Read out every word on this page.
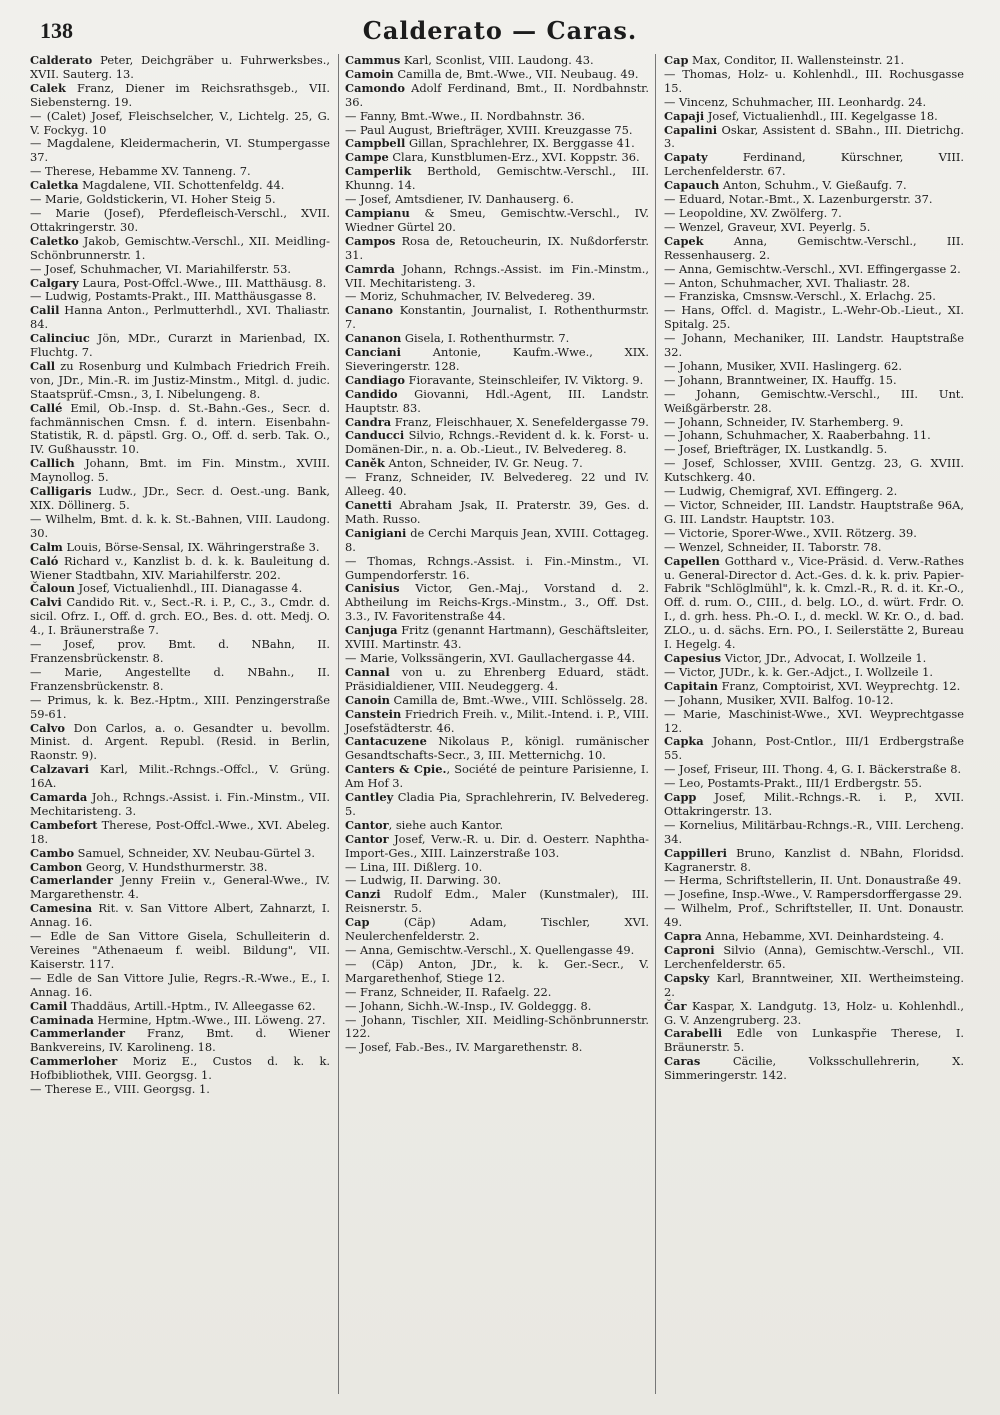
138	Calderato — Caras.
Calderato Peter, Deichgräber u. Fuhrwerksbes., XVII. Sauterg. 13.
Calek Franz, Diener im Reichsrathsgeb., VII. Siebensterng. 19.
— (Calet) Josef, Fleischselcher, V., Lichtelg. 25, G. V. Fockyg. 10
— Magdalene, Kleidermacherin, VI. Stumpergasse 37.
— Therese, Hebamme XV. Tanneng. 7.
Caletka Magdalene, VII. Schottenfeldg. 44.
— Marie, Goldstickerin, VI. Hoher Steig 5.
— Marie (Josef), Pferdefleisch-Verschl., XVII. Ottakringerstr. 30.
Caletko Jakob, Gemischtw.-Verschl., XII. Meidling-Schönbrunnerstr. 1.
— Josef, Schuhmacher, VI. Mariahilferstr. 53.
Calgary Laura, Post-Offcl.-Wwe., III. Matthäusg. 8.
— Ludwig, Postamts-Prakt., III. Matthäusgasse 8.
Calil Hanna Anton., Perlmutterhdl., XVI. Thaliastr. 84.
Calinciuc Jön, MDr., Curarzt in Marienbad, IX. Fluchtg. 7.
Call zu Rosenburg und Kulmbach Friedrich Freih. von, JDr., Min.-R. im Justiz-Minstm., Mitgl. d. judic. Staatsprüf.-Cmsn., 3, I. Nibelungeng. 8.
Callé Emil, Ob.-Insp. d. St.-Bahn.-Ges., Secr. d. fachmännischen Cmsn. f. d. intern. Eisenbahn-Statistik, R. d. päpstl. Grg. O., Off. d. serb. Tak. O., IV. Gußhausstr. 10.
Callich Johann, Bmt. im Fin. Minstm., XVIII. Maynollog. 5.
Calligaris Ludw., JDr., Secr. d. Oest.-ung. Bank, XIX. Döllinerg. 5.
— Wilhelm, Bmt. d. k. k. St.-Bahnen, VIII. Laudong. 30.
Calm Louis, Börse-Sensal, IX. Währingerstraße 3.
Caló Richard v., Kanzlist b. d. k. k. Bauleitung d. Wiener Stadtbahn, XIV. Mariahilferstr. 202.
Čaloun Josef, Victualienhdl., III. Dianagasse 4.
Calvi Candido Rit. v., Sect.-R. i. P., C., 3., Cmdr. d. sicil. Ofrz. I., Off. d. grch. EO., Bes. d. ott. Medj. O. 4., I. Bräunerstraße 7.
— Josef, prov. Bmt. d. NBahn, II. Franzensbrückenstr. 8.
— Marie, Angestellte d. NBahn., II. Franzensbrückenstr. 8.
— Primus, k. k. Bez.-Hptm., XIII. Penzingerstraße 59-61.
Calvo Don Carlos, a. o. Gesandter u. bevollm. Minist. d. Argent. Republ. (Resid. in Berlin, Raonstr. 9).
Calzavari Karl, Milit.-Rchngs.-Offcl., V. Grüng. 16A.
Camarda Joh., Rchngs.-Assist. i. Fin.-Minstm., VII. Mechitaristeng. 3.
Cambefort Therese, Post-Offcl.-Wwe., XVI. Abeleg. 18.
Cambo Samuel, Schneider, XV. Neubau-Gürtel 3.
Cambon Georg, V. Hundsthurmerstr. 38.
Camerlander Jenny Freiin v., General-Wwe., IV. Margarethenstr. 4.
Camesina Rit. v. San Vittore Albert, Zahnarzt, I. Annag. 16.
— Edle de San Vittore Gisela, Schulleiterin d. Vereines "Athenaeum f. weibl. Bildung", VII. Kaiserstr. 117.
— Edle de San Vittore Julie, Regrs.-R.-Wwe., E., I. Annag. 16.
Camil Thaddäus, Artill.-Hptm., IV. Alleegasse 62.
Caminada Hermine, Hptm.-Wwe., III. Löweng. 27.
Cammerlander Franz, Bmt. d. Wiener Bankvereins, IV. Karolineng. 18.
Cammerloher Moriz E., Custos d. k. k. Hofbibliothek, VIII. Georgsg. 1.
— Therese E., VIII. Georgsg. 1.
Cammus Karl, Sconlist, VIII. Laudong. 43.
Camoin Camilla de, Bmt.-Wwe., VII. Neubaug. 49.
Camondo Adolf Ferdinand, Bmt., II. Nordbahnstr. 36.
— Fanny, Bmt.-Wwe., II. Nordbahnstr. 36.
— Paul August, Briefträger, XVIII. Kreuzgasse 75.
Campbell Gillan, Sprachlehrer, IX. Berggasse 41.
Campe Clara, Kunstblumen-Erz., XVI. Koppstr. 36.
Camperlik Berthold, Gemischtw.-Verschl., III. Khunng. 14.
— Josef, Amtsdiener, IV. Danhauserg. 6.
Campianu & Smeu, Gemischtw.-Verschl., IV. Wiedner Gürtel 20.
Campos Rosa de, Retoucheurin, IX. Nußdorferstr. 31.
Camrda Johann, Rchngs.-Assist. im Fin.-Minstm., VII. Mechitaristeng. 3.
— Moriz, Schuhmacher, IV. Belvedereg. 39.
Canano Konstantin, Journalist, I. Rothenthurmstr. 7.
Cananon Gisela, I. Rothenthurmstr. 7.
Canciani Antonie, Kaufm.-Wwe., XIX. Sieveringerstr. 128.
Candiago Fioravante, Steinschleifer, IV. Viktorg. 9.
Candido Giovanni, Hdl.-Agent, III. Landstr. Hauptstr. 83.
Candra Franz, Fleischhauer, X. Senefeldergasse 79.
Canducci Silvio, Rchngs.-Revident d. k. k. Forst- u. Domänen-Dir., n. a. Ob.-Lieut., IV. Belvedereg. 8.
Caněk Anton, Schneider, IV. Gr. Neug. 7.
— Franz, Schneider, IV. Belvedereg. 22 und IV. Alleeg. 40.
Canetti Abraham Jsak, II. Praterstr. 39, Ges. d. Math. Russo.
Canigiani de Cerchi Marquis Jean, XVIII. Cottageg. 8.
— Thomas, Rchngs.-Assist. i. Fin.-Minstm., VI. Gumpendorferstr. 16.
Canisius Victor, Gen.-Maj., Vorstand d. 2. Abtheilung im Reichs-Krgs.-Minstm., 3., Off. Dst. 3.3., IV. Favoritenstraße 44.
Canjuga Fritz (genannt Hartmann), Geschäftsleiter, XVIII. Martinstr. 43.
— Marie, Volkssängerin, XVI. Gaullachergasse 44.
Cannal von u. zu Ehrenberg Eduard, städt. Präsidialdiener, VIII. Neudeggerg. 4.
Canoin Camilla de, Bmt.-Wwe., VIII. Schlösselg. 28.
Canstein Friedrich Freih. v., Milit.-Intend. i. P., VIII. Josefstädterstr. 46.
Cantacuzene Nikolaus P., königl. rumänischer Gesandtschafts-Secr., 3, III. Metternichg. 10.
Canters & Cpie., Société de peinture Parisienne, I. Am Hof 3.
Cantley Cladia Pia, Sprachlehrerin, IV. Belvedereg. 5.
Cantor, siehe auch Kantor.
Cantor Josef, Verw.-R. u. Dir. d. Oesterr. Naphtha-Import-Ges., XIII. Lainzerstraße 103.
— Lina, III. Dißlerg. 10.
— Ludwig, II. Darwing. 30.
Canzi Rudolf Edm., Maler (Kunstmaler), III. Reisnerstr. 5.
Cap (Cäp) Adam, Tischler, XVI. Neulerchenfelderstr. 2.
— Anna, Gemischtw.-Verschl., X. Quellengasse 49.
— (Cäp) Anton, JDr., k. k. Ger.-Secr., V. Margarethenhof, Stiege 12.
— Franz, Schneider, II. Rafaelg. 22.
— Johann, Sichh.-W.-Insp., IV. Goldeggg. 8.
— Johann, Tischler, XII. Meidling-Schönbrunnerstr. 122.
— Josef, Fab.-Bes., IV. Margarethenstr. 8.
Cap Max, Conditor, II. Wallensteinstr. 21.
— Thomas, Holz- u. Kohlenhdl., III. Rochusgasse 15.
— Vincenz, Schuhmacher, III. Leonhardg. 24.
Capaji Josef, Victualienhdl., III. Kegelgasse 18.
Capalini Oskar, Assistent d. SBahn., III. Dietrichg. 3.
Capaty Ferdinand, Kürschner, VIII. Lerchenfelderstr. 67.
Capauch Anton, Schuhm., V. Gießaufg. 7.
— Eduard, Notar.-Bmt., X. Lazenburgerstr. 37.
— Leopoldine, XV. Zwölferg. 7.
— Wenzel, Graveur, XVI. Peyerlg. 5.
Capek Anna, Gemischtw.-Verschl., III. Ressenhauserg. 2.
— Anna, Gemischtw.-Verschl., XVI. Effingergasse 2.
— Anton, Schuhmacher, XVI. Thaliastr. 28.
— Franziska, Cmsnsw.-Verschl., X. Erlachg. 25.
— Hans, Offcl. d. Magistr., L.-Wehr-Ob.-Lieut., XI. Spitalg. 25.
— Johann, Mechaniker, III. Landstr. Hauptstraße 32.
— Johann, Musiker, XVII. Haslingerg. 62.
— Johann, Branntweiner, IX. Hauffg. 15.
— Johann, Gemischtw.-Verschl., III. Unt. Weißgärberstr. 28.
— Johann, Schneider, IV. Starhemberg. 9.
— Johann, Schuhmacher, X. Raaberbahng. 11.
— Josef, Briefträger, IX. Lustkandlg. 5.
— Josef, Schlosser, XVIII. Gentzg. 23, G. XVIII. Kutschkerg. 40.
— Ludwig, Chemigraf, XVI. Effingerg. 2.
— Victor, Schneider, III. Landstr. Hauptstraße 96A, G. III. Landstr. Hauptstr. 103.
— Victorie, Sporer-Wwe., XVII. Rötzerg. 39.
— Wenzel, Schneider, II. Taborstr. 78.
Capellen Gotthard v., Vice-Präsid. d. Verw.-Rathes u. General-Director d. Act.-Ges. d. k. k. priv. Papier-Fabrik "Schlöglmühl", k. k. Cmzl.-R., R. d. it. Kr.-O., Off. d. rum. O., CIII., d. belg. LO., d. würt. Frdr. O. I., d. grh. hess. Ph.-O. I., d. meckl. W. Kr. O., d. bad. ZLO., u. d. sächs. Ern. PO., I. Seilerstätte 2, Bureau I. Hegelg. 4.
Capesius Victor, JDr., Advocat, I. Wollzeile 1.
— Victor, JUDr., k. k. Ger.-Adjct., I. Wollzeile 1.
Capitain Franz, Comptoirist, XVI. Weyprechtg. 12.
— Johann, Musiker, XVII. Balfog. 10-12.
— Marie, Maschinist-Wwe., XVI. Weyprechtgasse 12.
Capka Johann, Post-Cntlor., III/1 Erdbergstraße 55.
— Josef, Friseur, III. Thong. 4, G. I. Bäckerstraße 8.
— Leo, Postamts-Prakt., III/1 Erdbergstr. 55.
Capp Josef, Milit.-Rchngs.-R. i. P., XVII. Ottakringerstr. 13.
— Kornelius, Militärbau-Rchngs.-R., VIII. Lercheng. 34.
Cappilleri Bruno, Kanzlist d. NBahn, Floridsd. Kagranerstr. 8.
— Herma, Schriftstellerin, II. Unt. Donaustraße 49.
— Josefine, Insp.-Wwe., V. Rampersdorffergasse 29.
— Wilhelm, Prof., Schriftsteller, II. Unt. Donaustr. 49.
Capra Anna, Hebamme, XVI. Deinhardsteing. 4.
Caproni Silvio (Anna), Gemischtw.-Verschl., VII. Lerchenfelderstr. 65.
Capsky Karl, Branntweiner, XII. Wertheimsteing. 2.
Čar Kaspar, X. Landgutg. 13, Holz- u. Kohlenhdl., G. V. Anzengruberg. 23.
Carabelli Edle von Lunkaspřie Therese, I. Bräunerstr. 5.
Caras Cäcilie, Volksschullehrerin, X. Simmeringerstr. 142.
